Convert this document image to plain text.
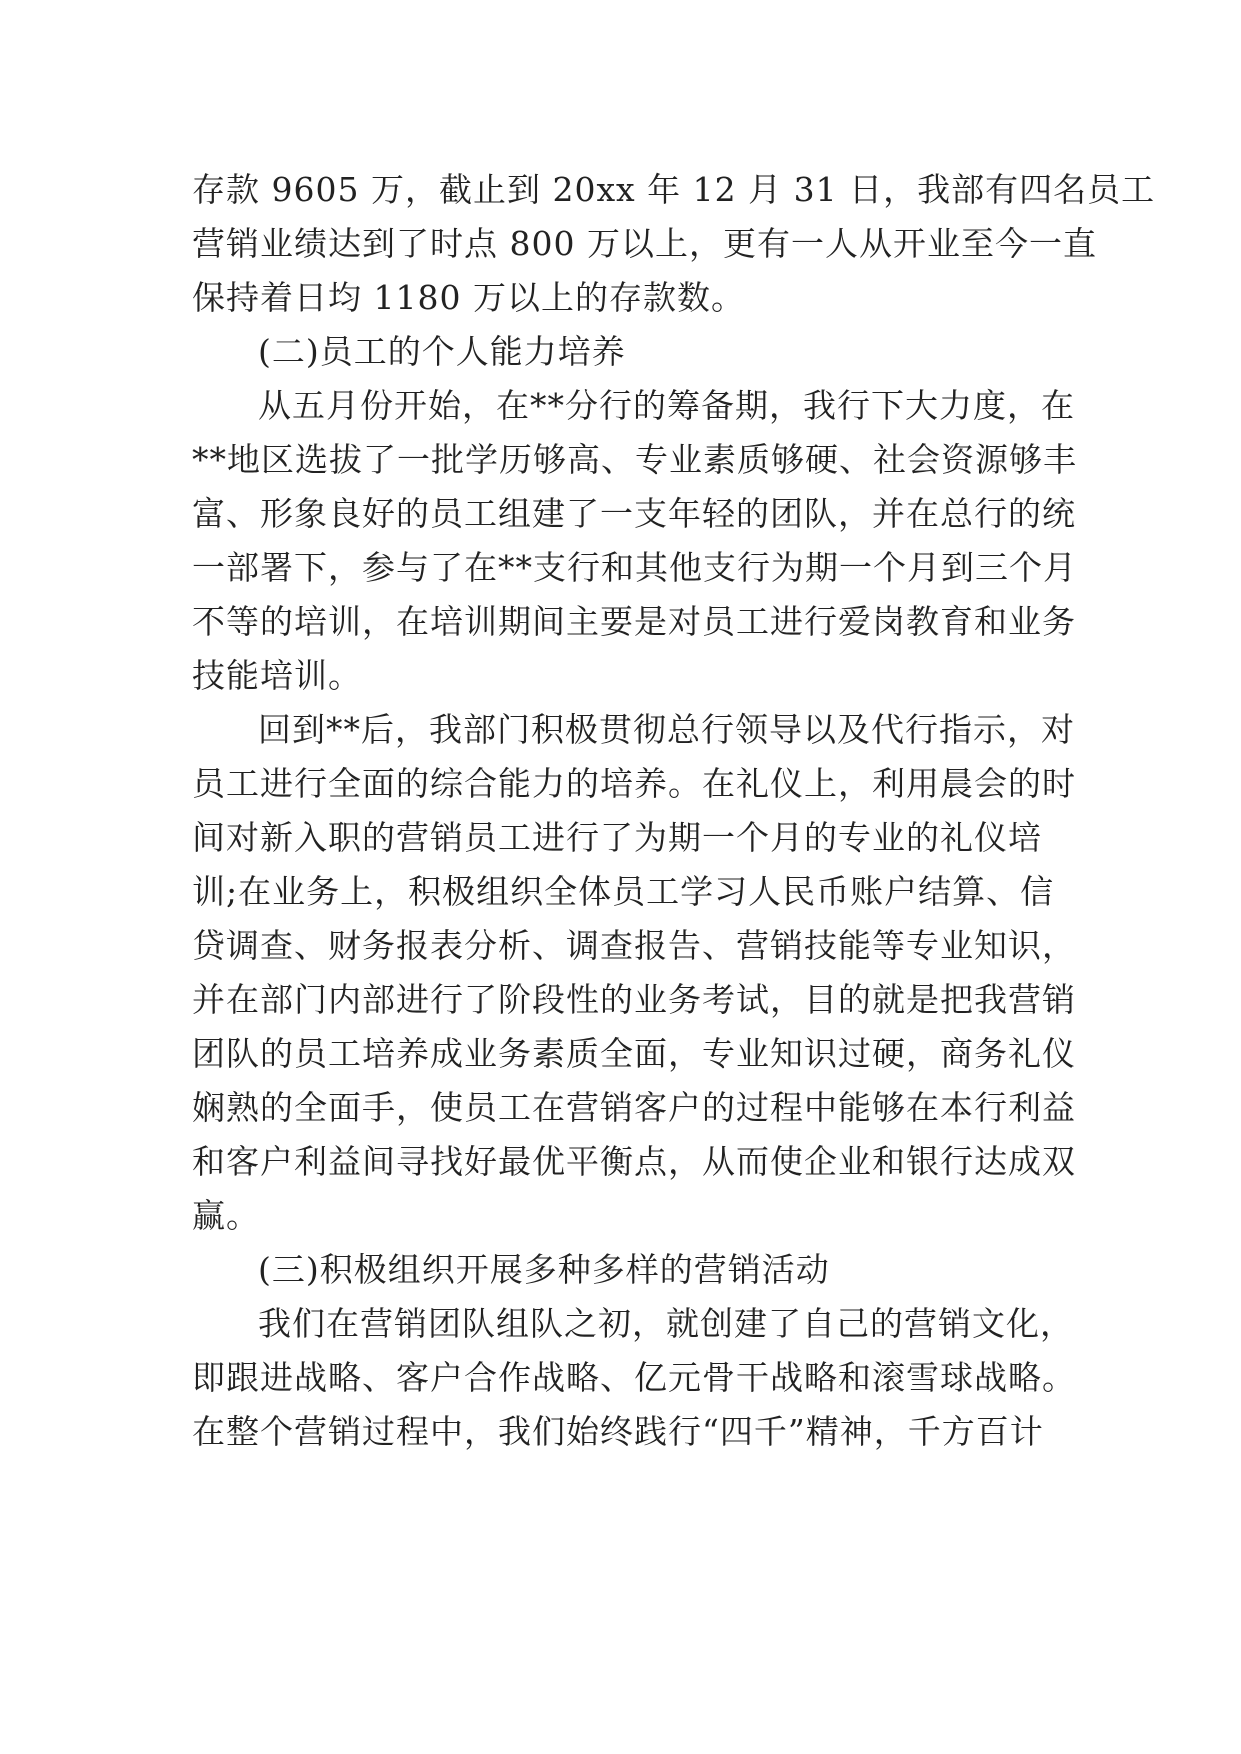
存款 9605 万，截止到 20xx 年 12 月 31 日，我部有四名员工
营销业绩达到了时点 800 万以上，更有一人从开业至今一直
保持着日均 1180 万以上的存款数。
(二)员工的个人能力培养
从五月份开始，在**分行的筹备期，我行下大力度，在
**地区选拔了一批学历够高、专业素质够硬、社会资源够丰
富、形象良好的员工组建了一支年轻的团队，并在总行的统
一部署下，参与了在**支行和其他支行为期一个月到三个月
不等的培训，在培训期间主要是对员工进行爱岗教育和业务
技能培训。
回到**后，我部门积极贯彻总行领导以及代行指示，对
员工进行全面的综合能力的培养。在礼仪上，利用晨会的时
间对新入职的营销员工进行了为期一个月的专业的礼仪培
训;在业务上，积极组织全体员工学习人民币账户结算、信
贷调查、财务报表分析、调查报告、营销技能等专业知识，
并在部门内部进行了阶段性的业务考试，目的就是把我营销
团队的员工培养成业务素质全面，专业知识过硬，商务礼仪
娴熟的全面手，使员工在营销客户的过程中能够在本行利益
和客户利益间寻找好最优平衡点，从而使企业和银行达成双
赢。
(三)积极组织开展多种多样的营销活动
我们在营销团队组队之初，就创建了自己的营销文化，
即跟进战略、客户合作战略、亿元骨干战略和滚雪球战略。
在整个营销过程中，我们始终践行“四千”精神，千方百计
